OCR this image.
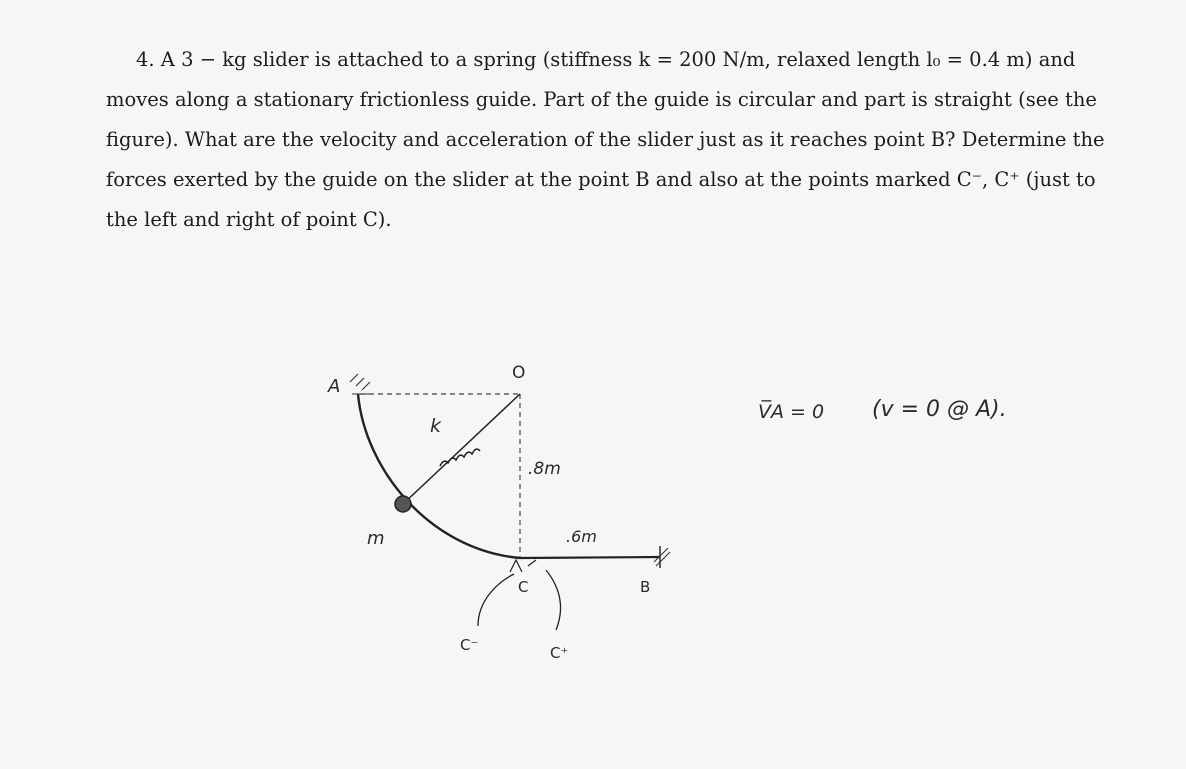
4. A 3 − kg slider is attached to a spring (stiffness k = 200 N/m, relaxed length l₀ = 0.4 m) and
moves along a stationary frictionless guide. Part of the guide is circular and part is straight (see the
figure). What are the velocity and acceleration of the slider just as it reaches point B? Determine the
forces exerted by the guide on the slider at the point B and also at the points marked C⁻, C⁺ (just to
the left and right of point C).

A
O
k
m
.8m
.6m
C	B
C⁻	C⁺
V̅A = 0 (v = 0 @ A).
